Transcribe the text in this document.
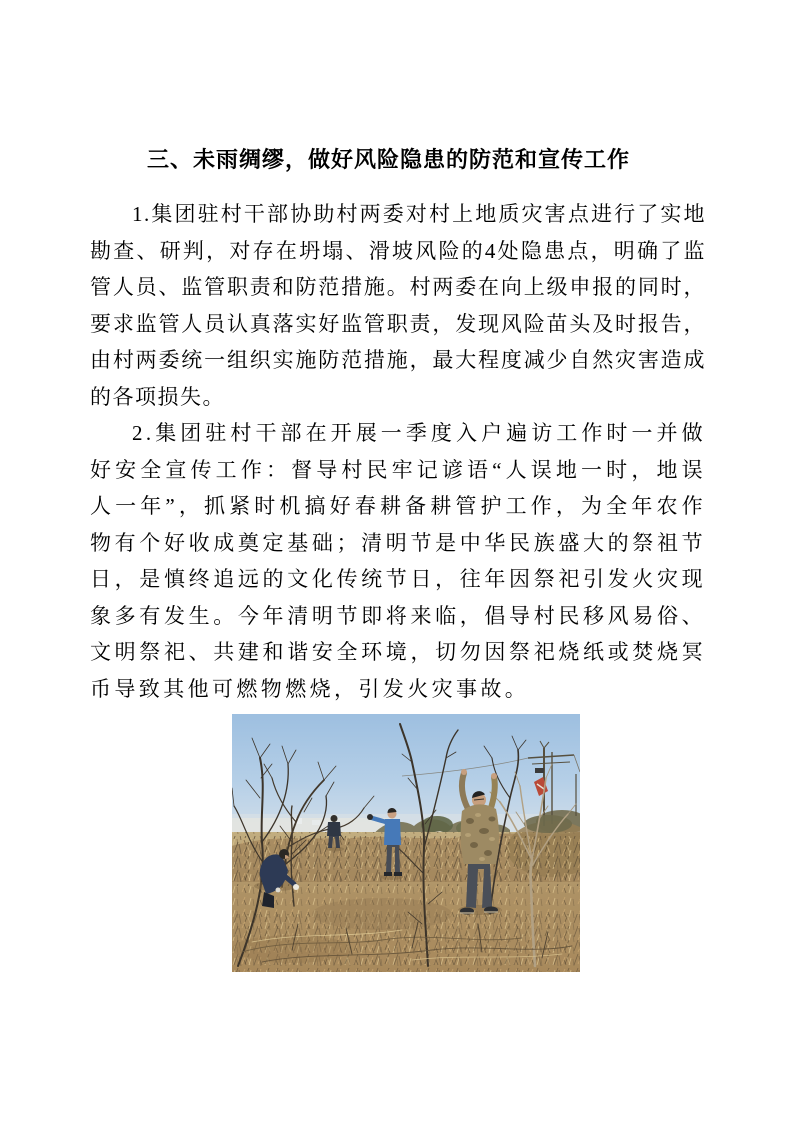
三、未雨绸缪，做好风险隐患的防范和宣传工作

1.集团驻村干部协助村两委对村上地质灾害点进行了实地勘查、研判，对存在坍塌、滑坡风险的4处隐患点，明确了监管人员、监管职责和防范措施。村两委在向上级申报的同时，要求监管人员认真落实好监管职责，发现风险苗头及时报告，由村两委统一组织实施防范措施，最大程度减少自然灾害造成的各项损失。

2.集团驻村干部在开展一季度入户遍访工作时一并做好安全宣传工作：督导村民牢记谚语“人误地一时，地误人一年”，抓紧时机搞好春耕备耕管护工作，为全年农作物有个好收成奠定基础；清明节是中华民族盛大的祭祖节日，是慎终追远的文化传统节日，往年因祭祀引发火灾现象多有发生。今年清明节即将来临，倡导村民移风易俗、文明祭祀、共建和谐安全环境，切勿因祭祀烧纸或焚烧冥币导致其他可燃物燃烧，引发火灾事故。
